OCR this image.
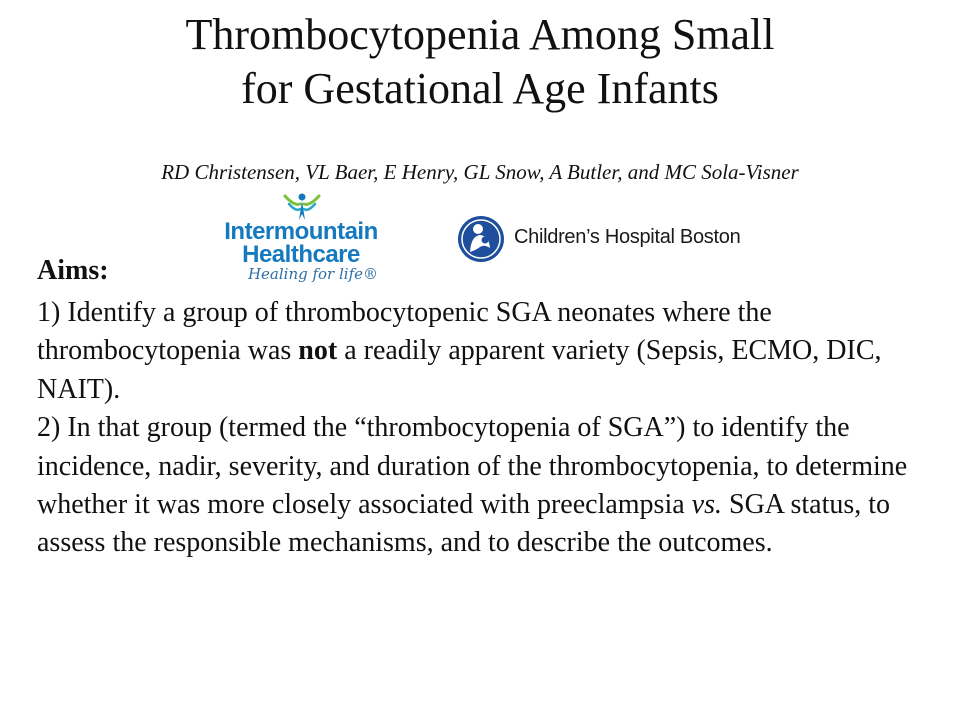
Thrombocytopenia Among Small
for Gestational Age Infants
RD Christensen, VL Baer, E Henry, GL Snow, A Butler, and MC Sola-Visner
Intermountain
Healthcare
Healing for life®
Children’s Hospital Boston
Aims:

1) Identify a group of thrombocytopenic SGA neonates where the thrombocytopenia was not a readily apparent variety (Sepsis, ECMO, DIC, NAIT).

2) In that group (termed the “thrombocytopenia of SGA”) to identify the incidence, nadir, severity, and duration of the thrombocytopenia, to determine whether it was more closely associated with preeclampsia vs. SGA status, to assess the responsible mechanisms, and to describe the outcomes.
